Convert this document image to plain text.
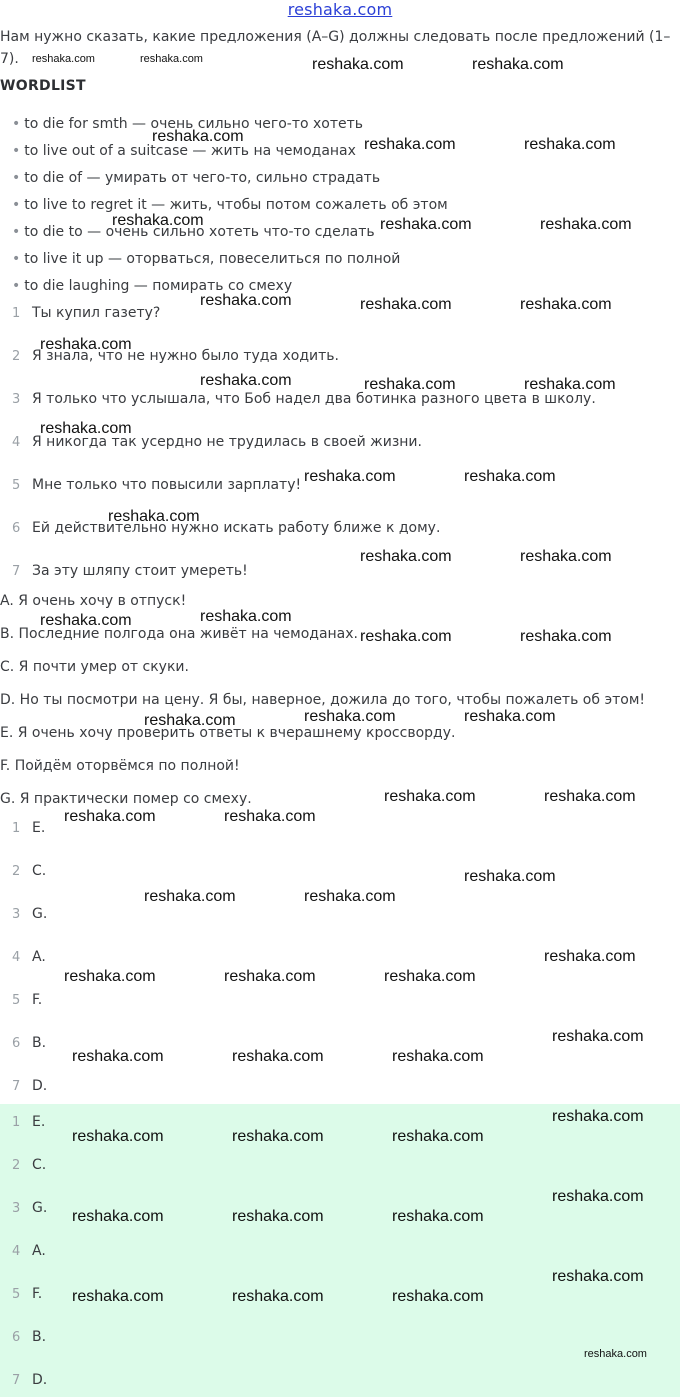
reshaka.com
Нам нужно сказать, какие предложения (A–G) должны следовать после предложений (1–7).
WORDLIST
• to die for smth — очень сильно чего-то хотеть
• to live out of a suitcase — жить на чемоданах
• to die of — умирать от чего-то, сильно страдать
• to live to regret it — жить, чтобы потом сожалеть об этом
• to die to — очень сильно хотеть что-то сделать
• to live it up — оторваться, повеселиться по полной
• to die laughing — помирать со смеху
1 Ты купил газету?
2 Я знала, что не нужно было туда ходить.
3 Я только что услышала, что Боб надел два ботинка разного цвета в школу.
4 Я никогда так усердно не трудилась в своей жизни.
5 Мне только что повысили зарплату!
6 Ей действительно нужно искать работу ближе к дому.
7 За эту шляпу стоит умереть!
A. Я очень хочу в отпуск!
B. Последние полгода она живёт на чемоданах.
C. Я почти умер от скуки.
D. Но ты посмотри на цену. Я бы, наверное, дожила до того, чтобы пожалеть об этом!
E. Я очень хочу проверить ответы к вчерашнему кроссворду.
F. Пойдём оторвёмся по полной!
G. Я практически помер со смеху.
1 E.
2 C.
3 G.
4 A.
5 F.
6 B.
7 D.
1 E.
2 C.
3 G.
4 A.
5 F.
6 B.
7 D.
reshaka.com	reshaka.com	reshaka.com	reshaka.com
reshaka.com	reshaka.com	reshaka.com
reshaka.com	reshaka.com	reshaka.com
reshaka.com	reshaka.com	reshaka.com
reshaka.com
reshaka.com	reshaka.com	reshaka.com
reshaka.com
reshaka.com	reshaka.com
reshaka.com
reshaka.com	reshaka.com
reshaka.com
reshaka.com
reshaka.com	reshaka.com
reshaka.com	reshaka.com
reshaka.com
reshaka.com	reshaka.com
reshaka.com	reshaka.com
reshaka.com
reshaka.com	reshaka.com
reshaka.com
reshaka.com	reshaka.com	reshaka.com
reshaka.com
reshaka.com	reshaka.com	reshaka.com
reshaka.com
reshaka.com	reshaka.com	reshaka.com
reshaka.com
reshaka.com	reshaka.com	reshaka.com
reshaka.com
reshaka.com	reshaka.com	reshaka.com
reshaka.com
